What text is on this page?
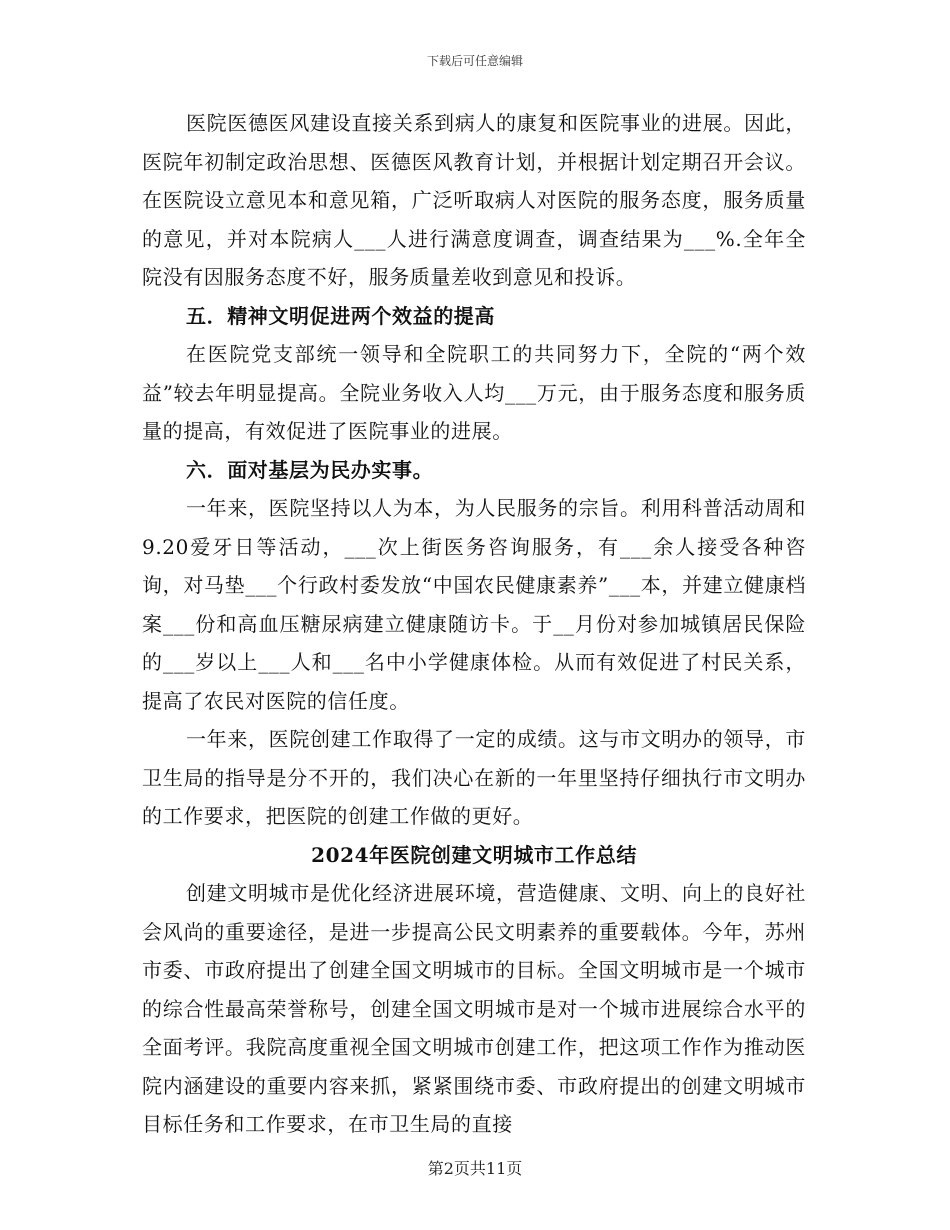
下载后可任意编辑

医院医德医风建设直接关系到病人的康复和医院事业的进展。因此，医院年初制定政治思想、医德医风教育计划，并根据计划定期召开会议。在医院设立意见本和意见箱，广泛听取病人对医院的服务态度，服务质量的意见，并对本院病人___人进行满意度调查，调查结果为___%.全年全院没有因服务态度不好，服务质量差收到意见和投诉。

五．精神文明促进两个效益的提高

在医院党支部统一领导和全院职工的共同努力下，全院的“两个效益”较去年明显提高。全院业务收入人均___万元，由于服务态度和服务质量的提高，有效促进了医院事业的进展。

六．面对基层为民办实事。

一年来，医院坚持以人为本，为人民服务的宗旨。利用科普活动周和9.20爱牙日等活动，___次上街医务咨询服务，有___余人接受各种咨询，对马垫___个行政村委发放“中国农民健康素养”___本，并建立健康档案___份和高血压糖尿病建立健康随访卡。于__月份对参加城镇居民保险的___岁以上___人和___名中小学健康体检。从而有效促进了村民关系，提高了农民对医院的信任度。

一年来，医院创建工作取得了一定的成绩。这与市文明办的领导，市卫生局的指导是分不开的，我们决心在新的一年里坚持仔细执行市文明办的工作要求，把医院的创建工作做的更好。

2024年医院创建文明城市工作总结

创建文明城市是优化经济进展环境，营造健康、文明、向上的良好社会风尚的重要途径，是进一步提高公民文明素养的重要载体。今年，苏州市委、市政府提出了创建全国文明城市的目标。全国文明城市是一个城市的综合性最高荣誉称号，创建全国文明城市是对一个城市进展综合水平的全面考评。我院高度重视全国文明城市创建工作，把这项工作作为推动医院内涵建设的重要内容来抓，紧紧围绕市委、市政府提出的创建文明城市目标任务和工作要求，在市卫生局的直接

第2页共11页
